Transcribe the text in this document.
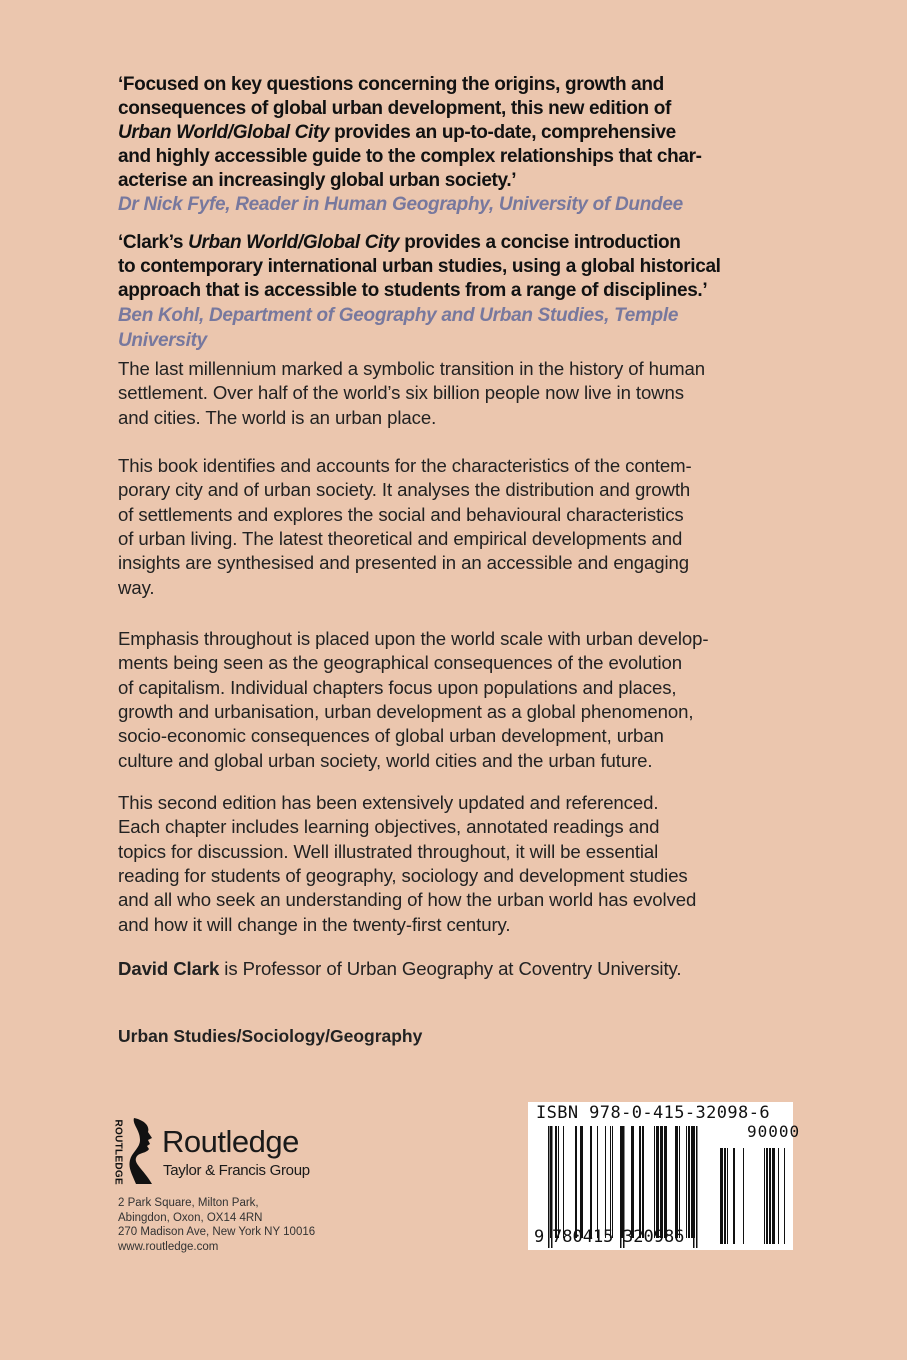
‘Focused on key questions concerning the origins, growth and
consequences of global urban development, this new edition of
Urban World/Global City provides an up-to-date, comprehensive
and highly accessible guide to the complex relationships that char-
acterise an increasingly global urban society.’
Dr Nick Fyfe, Reader in Human Geography, University of Dundee
‘Clark’s Urban World/Global City provides a concise introduction
to contemporary international urban studies, using a global historical
approach that is accessible to students from a range of disciplines.’
Ben Kohl, Department of Geography and Urban Studies, Temple
University
The last millennium marked a symbolic transition in the history of human
settlement. Over half of the world’s six billion people now live in towns
and cities. The world is an urban place.
This book identifies and accounts for the characteristics of the contem-
porary city and of urban society. It analyses the distribution and growth
of settlements and explores the social and behavioural characteristics
of urban living. The latest theoretical and empirical developments and
insights are synthesised and presented in an accessible and engaging
way.
Emphasis throughout is placed upon the world scale with urban develop-
ments being seen as the geographical consequences of the evolution
of capitalism. Individual chapters focus upon populations and places,
growth and urbanisation, urban development as a global phenomenon,
socio-economic consequences of global urban development, urban
culture and global urban society, world cities and the urban future.
This second edition has been extensively updated and referenced.
Each chapter includes learning objectives, annotated readings and
topics for discussion. Well illustrated throughout, it will be essential
reading for students of geography, sociology and development studies
and all who seek an understanding of how the urban world has evolved
and how it will change in the twenty-first century.
David Clark is Professor of Urban Geography at Coventry University.
Urban Studies/Sociology/Geography
ROUTLEDGE Routledge
Taylor & Francis Group
2 Park Square, Milton Park,
Abingdon, Oxon, OX14 4RN
270 Madison Ave, New York NY 10016
www.routledge.com
ISBN 978-0-415-32098-6
90000
9 780415 320986
